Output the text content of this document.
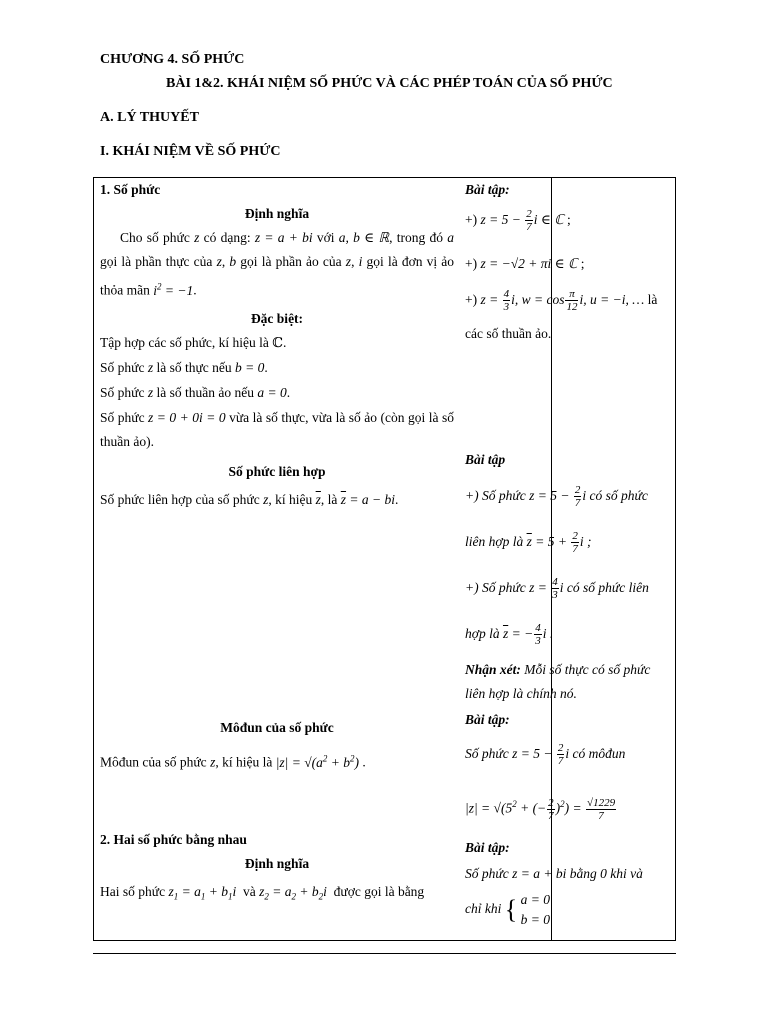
CHƯƠNG 4. SỐ PHỨC
BÀI 1&2. KHÁI NIỆM SỐ PHỨC VÀ CÁC PHÉP TOÁN CỦA SỐ PHỨC
A. LÝ THUYẾT
I. KHÁI NIỆM VỀ SỐ PHỨC
1. Số phức
Định nghĩa
Cho số phức z có dạng: z = a + bi với a, b ∈ ℝ, trong đó a gọi là phần thực của z, b gọi là phần ảo của z, i gọi là đơn vị ảo thỏa mãn $i^2 = -1$.
Đặc biệt:
Tập hợp các số phức, kí hiệu là ℂ.
Số phức z là số thực nếu b = 0.
Số phức z là số thuần ảo nếu a = 0.
Số phức z = 0 + 0i = 0 vừa là số thực, vừa là số ảo (còn gọi là số thuần ảo).
Số phức liên hợp
Số phức liên hợp của số phức z, kí hiệu $\overline{z}$, là $\overline{z} = a$ − bi.
Môđun của số phức
Môđun của số phức z, kí hiệu là $|z| = √(a^2 + b^2)$ .
2. Hai số phức bằng nhau
Định nghĩa
Hai số phức $z_1 = a_1 + b_1i$  và $z_2 = a_2 + b_2i$  được gọi là bằng
Bài tập:
+) $z = 5 - \frac{2}{7}$ i ∈ ℂ ;
+) z = −√2 + πi ∈ ℂ ;
+) $z = \frac{4}{3} i$, $w = \cos \frac{\pi}{12} i$, u = −i, … là
các số thuần ảo.
Bài tập
+) Số phức $z = 5 - \frac{2}{7}$ i có số phức
liên hợp là $\overline{z} = 5 + \frac{2}{7}$ i ;
+) Số phức $z = \frac{4}{3}$ i có số phức liên
hợp là $\overline{z}$ = − $\frac{4}{3}$ i .
Nhận xét: Mỗi số thực có số phức liên hợp là chính nó.
Bài tập:
Số phức $z = 5 - \frac{2}{7}$ i có môđun
$|z| = √(5^2$ + (− $\frac{2}{7} )^2) = \frac{√1229}{7}$
Bài tập:
Số phức z = a + bi bằng 0 khi và
chỉ khi { a = 0
b = 0
